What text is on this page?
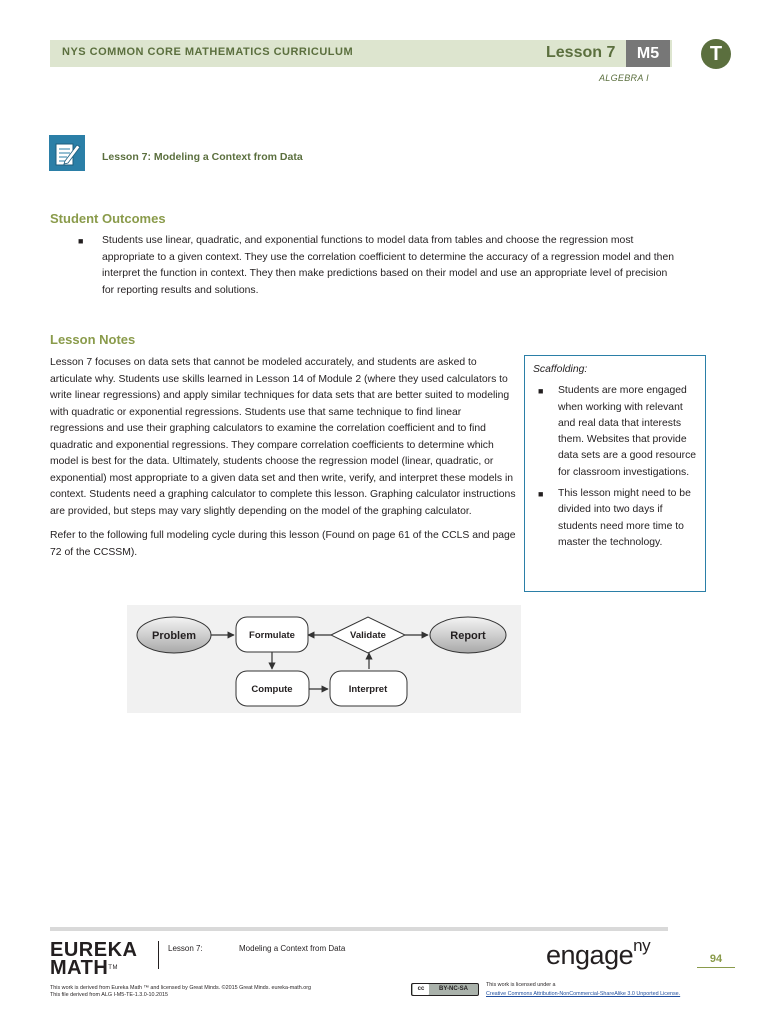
NYS COMMON CORE MATHEMATICS CURRICULUM	Lesson 7	M5	T
ALGEBRA I
Lesson 7: Modeling a Context from Data
Student Outcomes
■ Students use linear, quadratic, and exponential functions to model data from tables and choose the regression most appropriate to a given context. They use the correlation coefficient to determine the accuracy of a regression model and then interpret the function in context. They then make predictions based on their model and use an appropriate level of precision for reporting results and solutions.
Lesson Notes

Lesson 7 focuses on data sets that cannot be modeled accurately, and students are asked to articulate why. Students use skills learned in Lesson 14 of Module 2 (where they used calculators to write linear regressions) and apply similar techniques for data sets that are better suited to modeling with quadratic or exponential regressions. Students use that same technique to find linear regressions and use their graphing calculators to examine the correlation coefficient and to find quadratic and exponential regressions. They compare correlation coefficients to determine which model is best for the data. Ultimately, students choose the regression model (linear, quadratic, or exponential) most appropriate to a given data set and then write, verify, and interpret these models in context. Students need a graphing calculator to complete this lesson. Graphing calculator instructions are provided, but steps may vary slightly depending on the model of the graphing calculator.

Refer to the following full modeling cycle during this lesson (Found on page 61 of the CCLS and page 72 of the CCSSM).

Scaffolding:
■ Students are more engaged when working with relevant and real data that interests them. Websites that provide data sets are a good resource for classroom investigations.
■ This lesson might need to be divided into two days if students need more time to master the technology.
Problem	Formulate	Validate	Report
Compute	Interpret
EUREKA
MATH™
Lesson 7:	Modeling a Context from Data	engage$^{ny}$
94
This work is derived from Eureka Math ™ and licensed by Great Minds. ©2015 Great Minds. eureka-math.org
This file derived from ALG I-M5-TE-1.3.0-10.2015
cc	BY-NC-SA
This work is licensed under a
Creative Commons Attribution-NonCommercial-ShareAlike 3.0 Unported License.
